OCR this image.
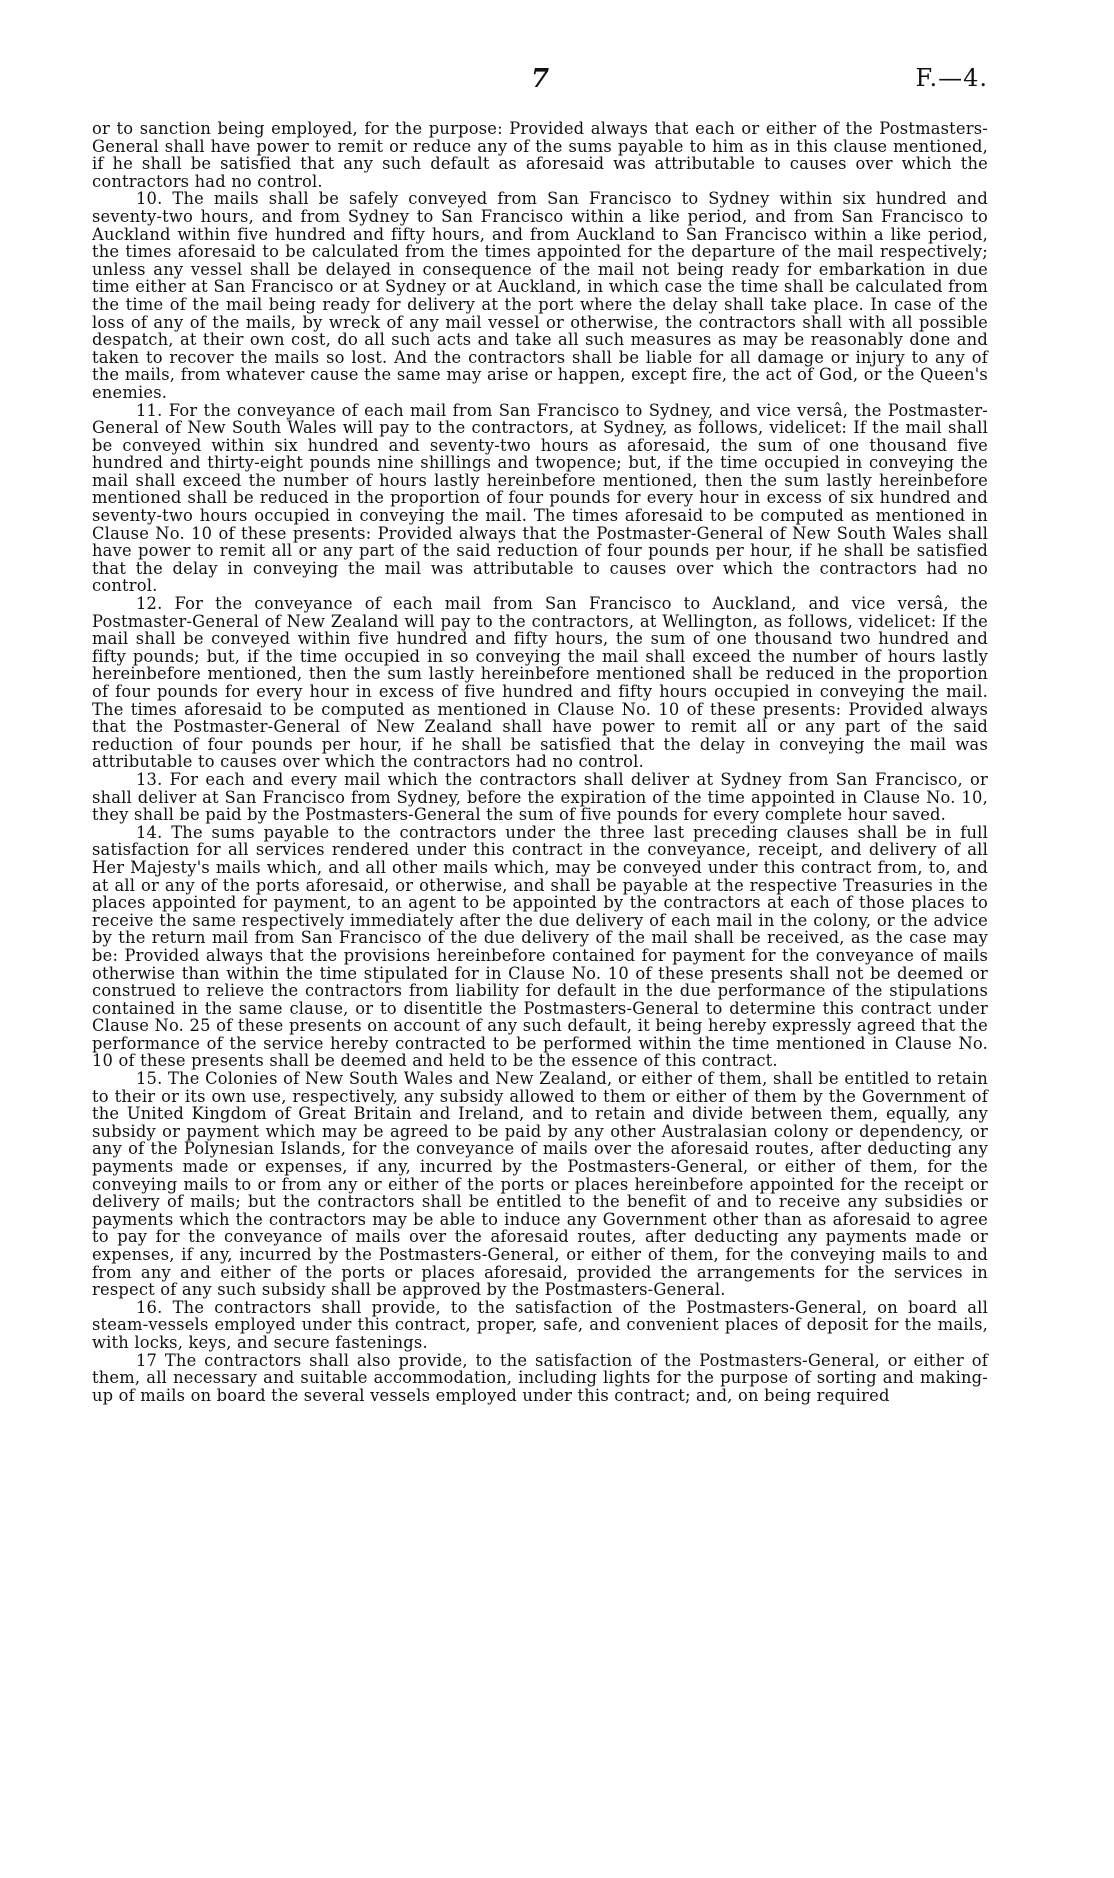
7	F.—4.

or to sanction being employed, for the purpose: Provided always that each or either of the Postmasters-General shall have power to remit or reduce any of the sums payable to him as in this clause mentioned, if he shall be satisfied that any such default as aforesaid was attributable to causes over which the contractors had no control.

10. The mails shall be safely conveyed from San Francisco to Sydney within six hundred and seventy-two hours, and from Sydney to San Francisco within a like period, and from San Francisco to Auckland within five hundred and fifty hours, and from Auckland to San Francisco within a like period, the times aforesaid to be calculated from the times appointed for the departure of the mail respectively; unless any vessel shall be delayed in consequence of the mail not being ready for embarkation in due time either at San Francisco or at Sydney or at Auckland, in which case the time shall be calculated from the time of the mail being ready for delivery at the port where the delay shall take place. In case of the loss of any of the mails, by wreck of any mail vessel or otherwise, the contractors shall with all possible despatch, at their own cost, do all such acts and take all such measures as may be reasonably done and taken to recover the mails so lost. And the contractors shall be liable for all damage or injury to any of the mails, from whatever cause the same may arise or happen, except fire, the act of God, or the Queen's enemies.

11. For the conveyance of each mail from San Francisco to Sydney, and vice versâ, the Postmaster-General of New South Wales will pay to the contractors, at Sydney, as follows, videlicet: If the mail shall be conveyed within six hundred and seventy-two hours as aforesaid, the sum of one thousand five hundred and thirty-eight pounds nine shillings and twopence; but, if the time occupied in conveying the mail shall exceed the number of hours lastly hereinbefore mentioned, then the sum lastly hereinbefore mentioned shall be reduced in the proportion of four pounds for every hour in excess of six hundred and seventy-two hours occupied in conveying the mail. The times aforesaid to be computed as mentioned in Clause No. 10 of these presents: Provided always that the Postmaster-General of New South Wales shall have power to remit all or any part of the said reduction of four pounds per hour, if he shall be satisfied that the delay in conveying the mail was attributable to causes over which the contractors had no control.

12. For the conveyance of each mail from San Francisco to Auckland, and vice versâ, the Postmaster-General of New Zealand will pay to the contractors, at Wellington, as follows, videlicet: If the mail shall be conveyed within five hundred and fifty hours, the sum of one thousand two hundred and fifty pounds; but, if the time occupied in so conveying the mail shall exceed the number of hours lastly hereinbefore mentioned, then the sum lastly hereinbefore mentioned shall be reduced in the proportion of four pounds for every hour in excess of five hundred and fifty hours occupied in conveying the mail. The times aforesaid to be computed as mentioned in Clause No. 10 of these presents: Provided always that the Postmaster-General of New Zealand shall have power to remit all or any part of the said reduction of four pounds per hour, if he shall be satisfied that the delay in conveying the mail was attributable to causes over which the contractors had no control.

13. For each and every mail which the contractors shall deliver at Sydney from San Francisco, or shall deliver at San Francisco from Sydney, before the expiration of the time appointed in Clause No. 10, they shall be paid by the Postmasters-General the sum of five pounds for every complete hour saved.

14. The sums payable to the contractors under the three last preceding clauses shall be in full satisfaction for all services rendered under this contract in the conveyance, receipt, and delivery of all Her Majesty's mails which, and all other mails which, may be conveyed under this contract from, to, and at all or any of the ports aforesaid, or otherwise, and shall be payable at the respective Treasuries in the places appointed for payment, to an agent to be appointed by the contractors at each of those places to receive the same respectively immediately after the due delivery of each mail in the colony, or the advice by the return mail from San Francisco of the due delivery of the mail shall be received, as the case may be: Provided always that the provisions hereinbefore contained for payment for the conveyance of mails otherwise than within the time stipulated for in Clause No. 10 of these presents shall not be deemed or construed to relieve the contractors from liability for default in the due performance of the stipulations contained in the same clause, or to disentitle the Postmasters-General to determine this contract under Clause No. 25 of these presents on account of any such default, it being hereby expressly agreed that the performance of the service hereby contracted to be performed within the time mentioned in Clause No. 10 of these presents shall be deemed and held to be the essence of this contract.

15. The Colonies of New South Wales and New Zealand, or either of them, shall be entitled to retain to their or its own use, respectively, any subsidy allowed to them or either of them by the Government of the United Kingdom of Great Britain and Ireland, and to retain and divide between them, equally, any subsidy or payment which may be agreed to be paid by any other Australasian colony or dependency, or any of the Polynesian Islands, for the conveyance of mails over the aforesaid routes, after deducting any payments made or expenses, if any, incurred by the Postmasters-General, or either of them, for the conveying mails to or from any or either of the ports or places hereinbefore appointed for the receipt or delivery of mails; but the contractors shall be entitled to the benefit of and to receive any subsidies or payments which the contractors may be able to induce any Government other than as aforesaid to agree to pay for the conveyance of mails over the aforesaid routes, after deducting any payments made or expenses, if any, incurred by the Postmasters-General, or either of them, for the conveying mails to and from any and either of the ports or places aforesaid, provided the arrangements for the services in respect of any such subsidy shall be approved by the Postmasters-General.

16. The contractors shall provide, to the satisfaction of the Postmasters-General, on board all steam-vessels employed under this contract, proper, safe, and convenient places of deposit for the mails, with locks, keys, and secure fastenings.

17 The contractors shall also provide, to the satisfaction of the Postmasters-General, or either of them, all necessary and suitable accommodation, including lights for the purpose of sorting and making-up of mails on board the several vessels employed under this contract; and, on being required
